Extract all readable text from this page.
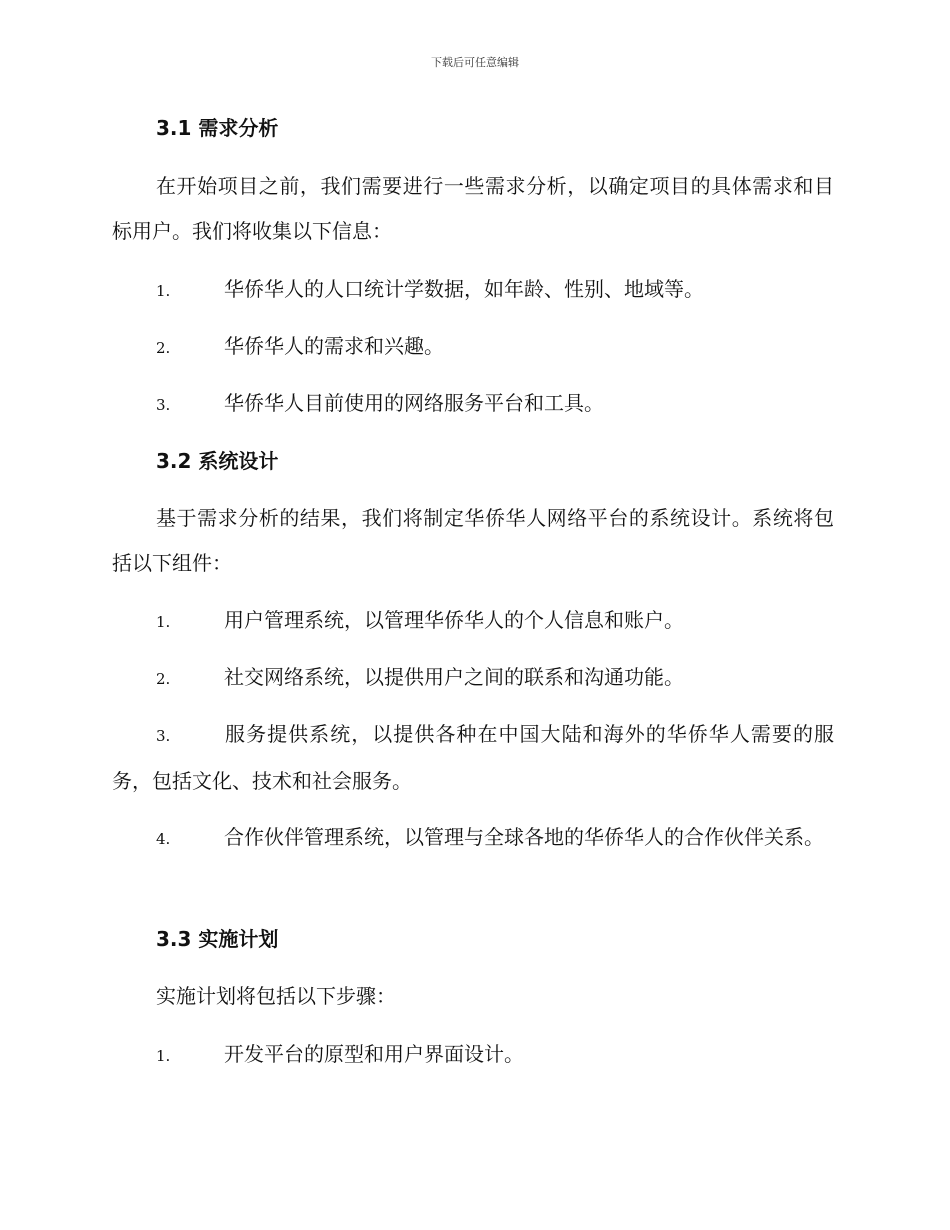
下载后可任意编辑
3.1 需求分析
在开始项目之前，我们需要进行一些需求分析，以确定项目的具体需求和目标用户。我们将收集以下信息：
1.	华侨华人的人口统计学数据，如年龄、性别、地域等。
2.	华侨华人的需求和兴趣。
3.	华侨华人目前使用的网络服务平台和工具。
3.2 系统设计
基于需求分析的结果，我们将制定华侨华人网络平台的系统设计。系统将包括以下组件：
1.	用户管理系统，以管理华侨华人的个人信息和账户。
2.	社交网络系统，以提供用户之间的联系和沟通功能。
3.	服务提供系统，以提供各种在中国大陆和海外的华侨华人需要的服务，包括文化、技术和社会服务。
4.	合作伙伴管理系统，以管理与全球各地的华侨华人的合作伙伴关系。
3.3 实施计划
实施计划将包括以下步骤：
1.	开发平台的原型和用户界面设计。
